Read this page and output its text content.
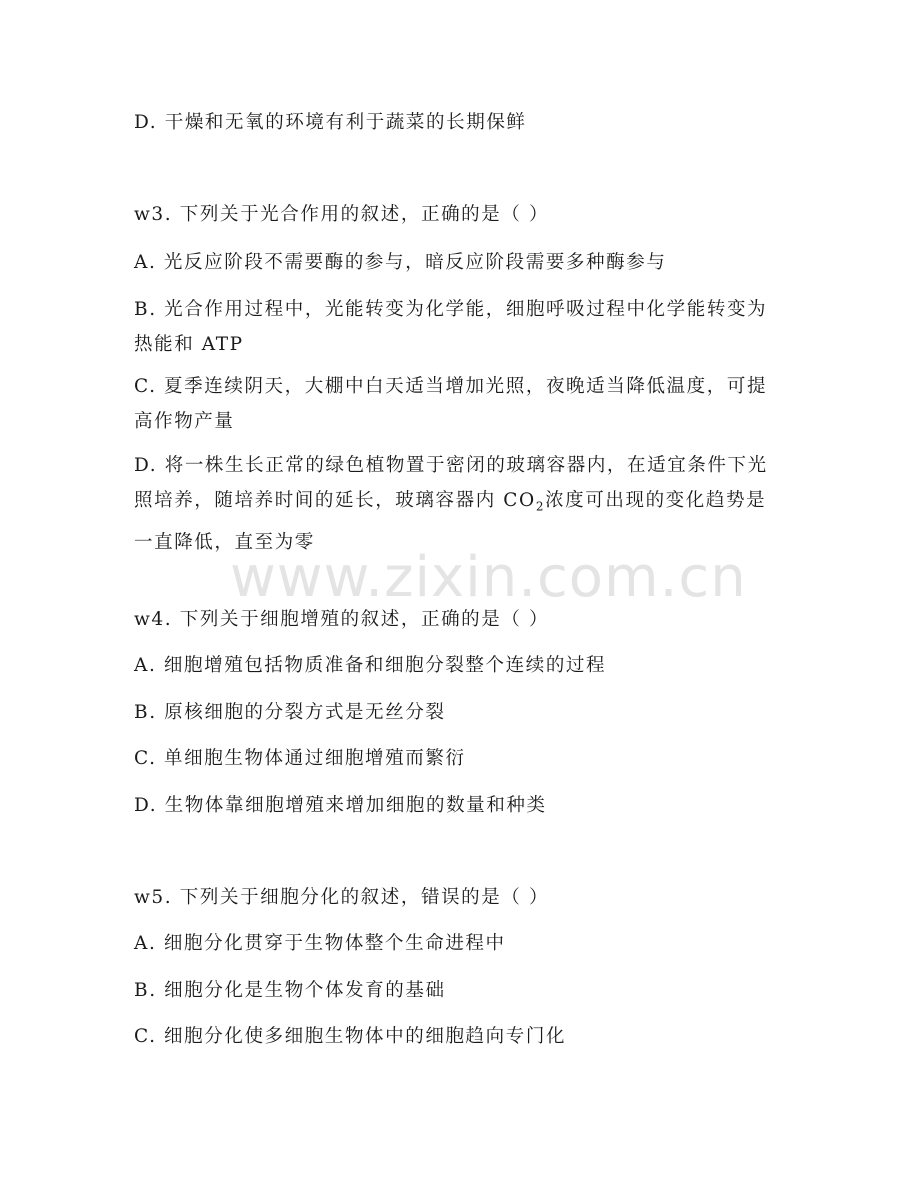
www.zixin.com.cn
D. 干燥和无氧的环境有利于蔬菜的长期保鲜
w3. 下列关于光合作用的叙述，正确的是（ ）
A. 光反应阶段不需要酶的参与，暗反应阶段需要多种酶参与
B. 光合作用过程中，光能转变为化学能，细胞呼吸过程中化学能转变为热能和 ATP
C. 夏季连续阴天，大棚中白天适当增加光照，夜晚适当降低温度，可提高作物产量
D. 将一株生长正常的绿色植物置于密闭的玻璃容器内，在适宜条件下光照培养，随培养时间的延长，玻璃容器内 $CO_2$浓度可出现的变化趋势是一直降低，直至为零
w4. 下列关于细胞增殖的叙述，正确的是（ ）
A. 细胞增殖包括物质准备和细胞分裂整个连续的过程
B. 原核细胞的分裂方式是无丝分裂
C. 单细胞生物体通过细胞增殖而繁衍
D. 生物体靠细胞增殖来增加细胞的数量和种类
w5. 下列关于细胞分化的叙述，错误的是（ ）
A. 细胞分化贯穿于生物体整个生命进程中
B. 细胞分化是生物个体发育的基础
C. 细胞分化使多细胞生物体中的细胞趋向专门化
